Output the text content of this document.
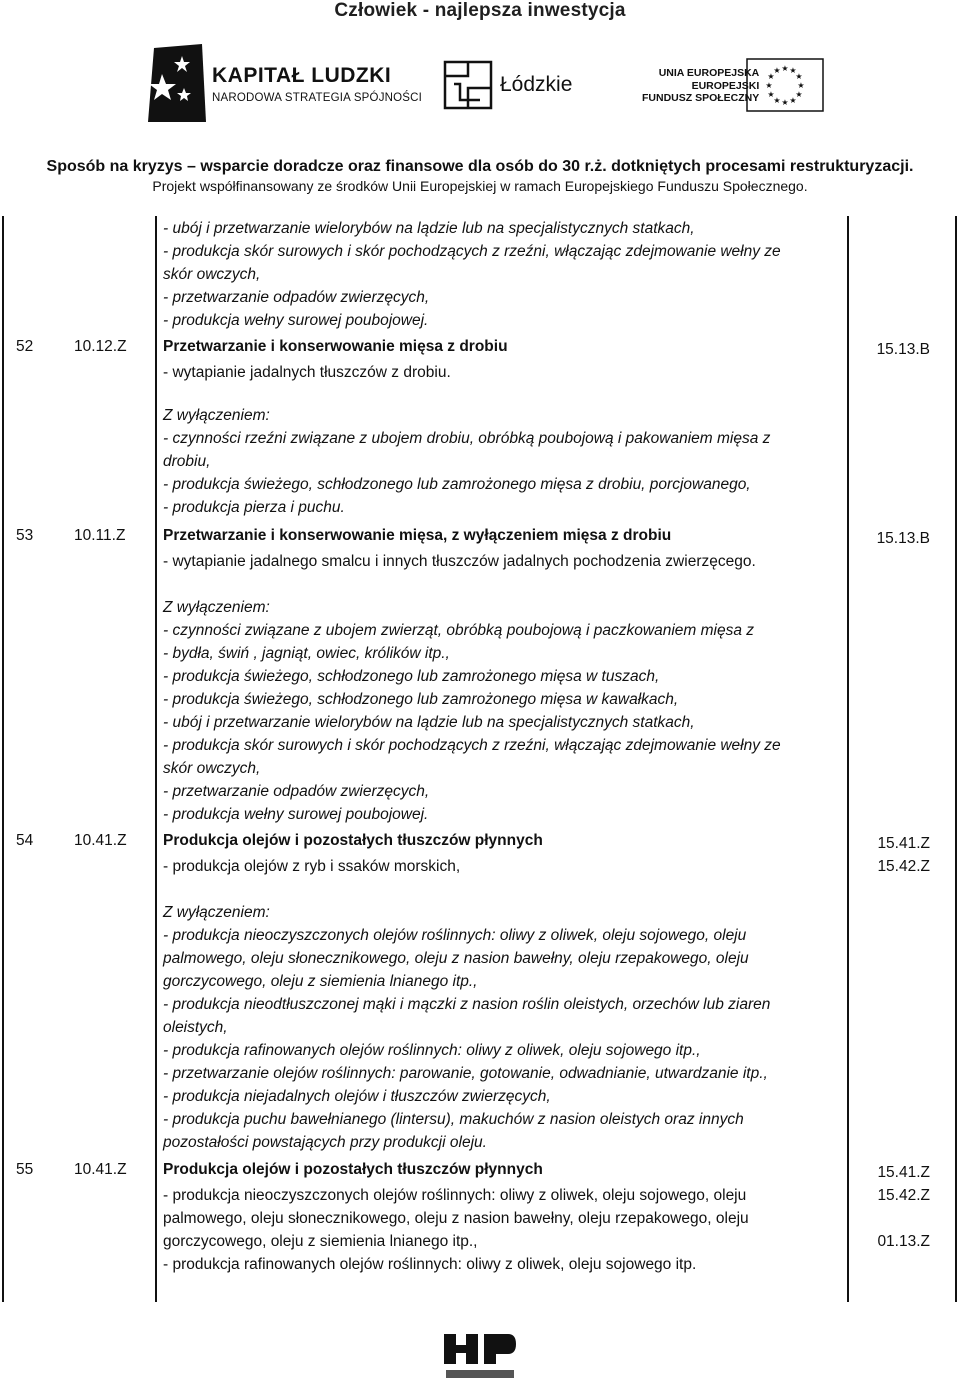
Człowiek - najlepsza inwestycja
KAPITAŁ LUDZKI
NARODOWA STRATEGIA SPÓJNOŚCI
Łódzkie	UNIA EUROPEJSKA
EUROPEJSKI
FUNDUSZ SPOŁECZNY
★ ★
★
★
★
★
★
★
★
★
★
★
Sposób na kryzys – wsparcie doradcze oraz finansowe dla osób do 30 r.ż. dotkniętych procesami restrukturyzacji.
Projekt współfinansowany ze środków Unii Europejskiej w ramach Europejskiego Funduszu Społecznego.
- ubój i przetwarzanie wielorybów na lądzie lub na specjalistycznych statkach,
- produkcja skór surowych i skór pochodzących z rzeźni, włączając zdejmowanie wełny ze
skór owczych,
- przetwarzanie odpadów zwierzęcych,
- produkcja wełny surowej poubojowej.
52	10.12.Z Przetwarzanie i konserwowanie mięsa z drobiu	15.13.B
- wytapianie jadalnych tłuszczów z drobiu.
Z wyłączeniem:
- czynności rzeźni związane z ubojem drobiu, obróbką poubojową i pakowaniem mięsa z
drobiu,
- produkcja świeżego, schłodzonego lub zamrożonego mięsa z drobiu, porcjowanego,
- produkcja pierza i puchu.
53	10.11.Z Przetwarzanie i konserwowanie mięsa, z wyłączeniem mięsa z drobiu	15.13.B
- wytapianie jadalnego smalcu i innych tłuszczów jadalnych pochodzenia zwierzęcego.
Z wyłączeniem:
- czynności związane z ubojem zwierząt, obróbką poubojową i paczkowaniem mięsa z
- bydła, świń , jagniąt, owiec, królików itp.,
- produkcja świeżego, schłodzonego lub zamrożonego mięsa w tuszach,
- produkcja świeżego, schłodzonego lub zamrożonego mięsa w kawałkach,
- ubój i przetwarzanie wielorybów na lądzie lub na specjalistycznych statkach,
- produkcja skór surowych i skór pochodzących z rzeźni, włączając zdejmowanie wełny ze
skór owczych,
- przetwarzanie odpadów zwierzęcych,
- produkcja wełny surowej poubojowej.
54	10.41.Z Produkcja olejów i pozostałych tłuszczów płynnych	15.41.Z
15.42.Z
- produkcja olejów z ryb i ssaków morskich,
Z wyłączeniem:
- produkcja nieoczyszczonych olejów roślinnych: oliwy z oliwek, oleju sojowego, oleju
palmowego, oleju słonecznikowego, oleju z nasion bawełny, oleju rzepakowego, oleju
gorczycowego, oleju z siemienia lnianego itp.,
- produkcja nieodtłuszczonej mąki i mączki z nasion roślin oleistych, orzechów lub ziaren
oleistych,
- produkcja rafinowanych olejów roślinnych: oliwy z oliwek, oleju sojowego itp.,
- przetwarzanie olejów roślinnych: parowanie, gotowanie, odwadnianie, utwardzanie itp.,
- produkcja niejadalnych olejów i tłuszczów zwierzęcych,
- produkcja puchu bawełnianego (lintersu), makuchów z nasion oleistych oraz innych
pozostałości powstających przy produkcji oleju.
55	10.41.Z Produkcja olejów i pozostałych tłuszczów płynnych	15.41.Z
15.42.Z
01.13.Z
- produkcja nieoczyszczonych olejów roślinnych: oliwy z oliwek, oleju sojowego, oleju
palmowego, oleju słonecznikowego, oleju z nasion bawełny, oleju rzepakowego, oleju
gorczycowego, oleju z siemienia lnianego itp.,
- produkcja rafinowanych olejów roślinnych: oliwy z oliwek, oleju sojowego itp.
